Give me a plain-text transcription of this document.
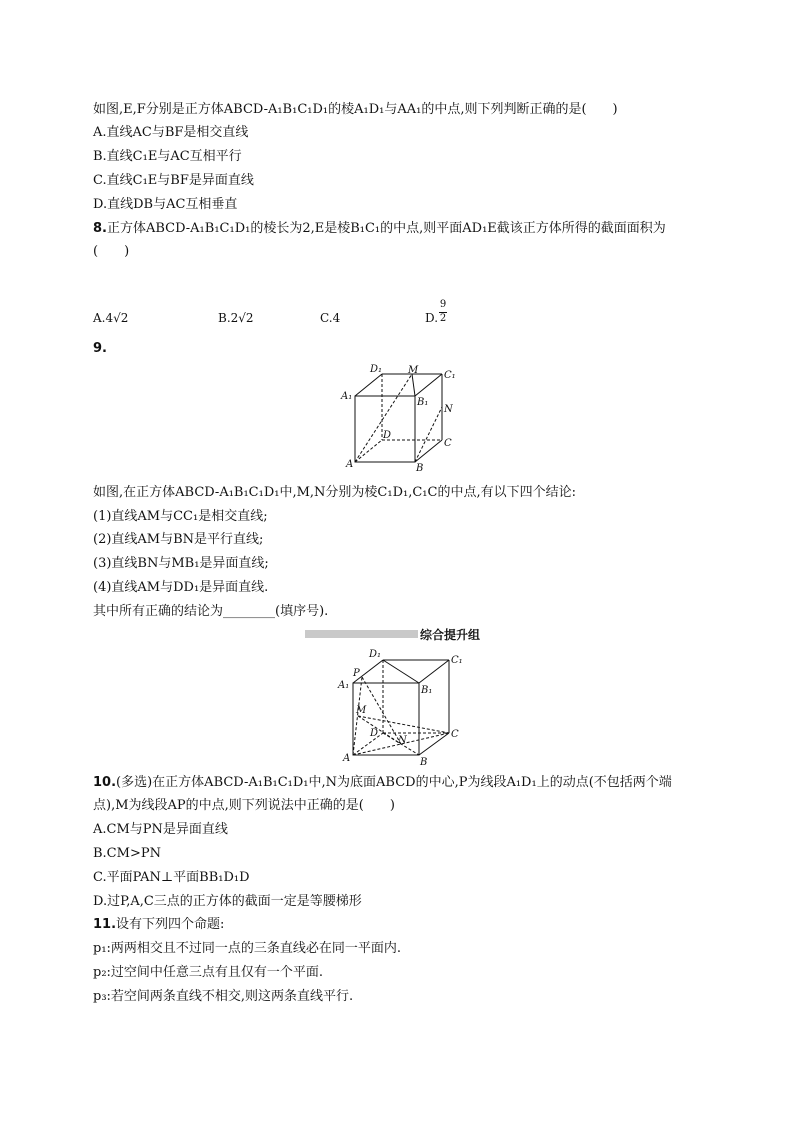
如图,E,F分别是正方体ABCD-A₁B₁C₁D₁的棱A₁D₁与AA₁的中点,则下列判断正确的是(　　)
A.直线AC与BF是相交直线
B.直线C₁E与AC互相平行
C.直线C₁E与BF是异面直线
D.直线DB与AC互相垂直
8.正方体ABCD-A₁B₁C₁D₁的棱长为2,E是棱B₁C₁的中点,则平面AD₁E截该正方体所得的截面面积为
(　　)
A.4√2	B.2√2	C.4	D.
9
2
9.
D₁	M	C₁
A₁
B₁
N
D
C
A	B
如图,在正方体ABCD-A₁B₁C₁D₁中,M,N分别为棱C₁D₁,C₁C的中点,有以下四个结论:
(1)直线AM与CC₁是相交直线;
(2)直线AM与BN是平行直线;
(3)直线BN与MB₁是异面直线;
(4)直线AM与DD₁是异面直线.
其中所有正确的结论为________(填序号).
综合提升组
D₁
C₁
P
A₁	B₁
M
D
N
C
A	B
10.(多选)在正方体ABCD-A₁B₁C₁D₁中,N为底面ABCD的中心,P为线段A₁D₁上的动点(不包括两个端
点),M为线段AP的中点,则下列说法中正确的是(　　)
A.CM与PN是异面直线
B.CM>PN
C.平面PAN⊥平面BB₁D₁D
D.过P,A,C三点的正方体的截面一定是等腰梯形
11.设有下列四个命题:
p₁:两两相交且不过同一点的三条直线必在同一平面内.
p₂:过空间中任意三点有且仅有一个平面.
p₃:若空间两条直线不相交,则这两条直线平行.
